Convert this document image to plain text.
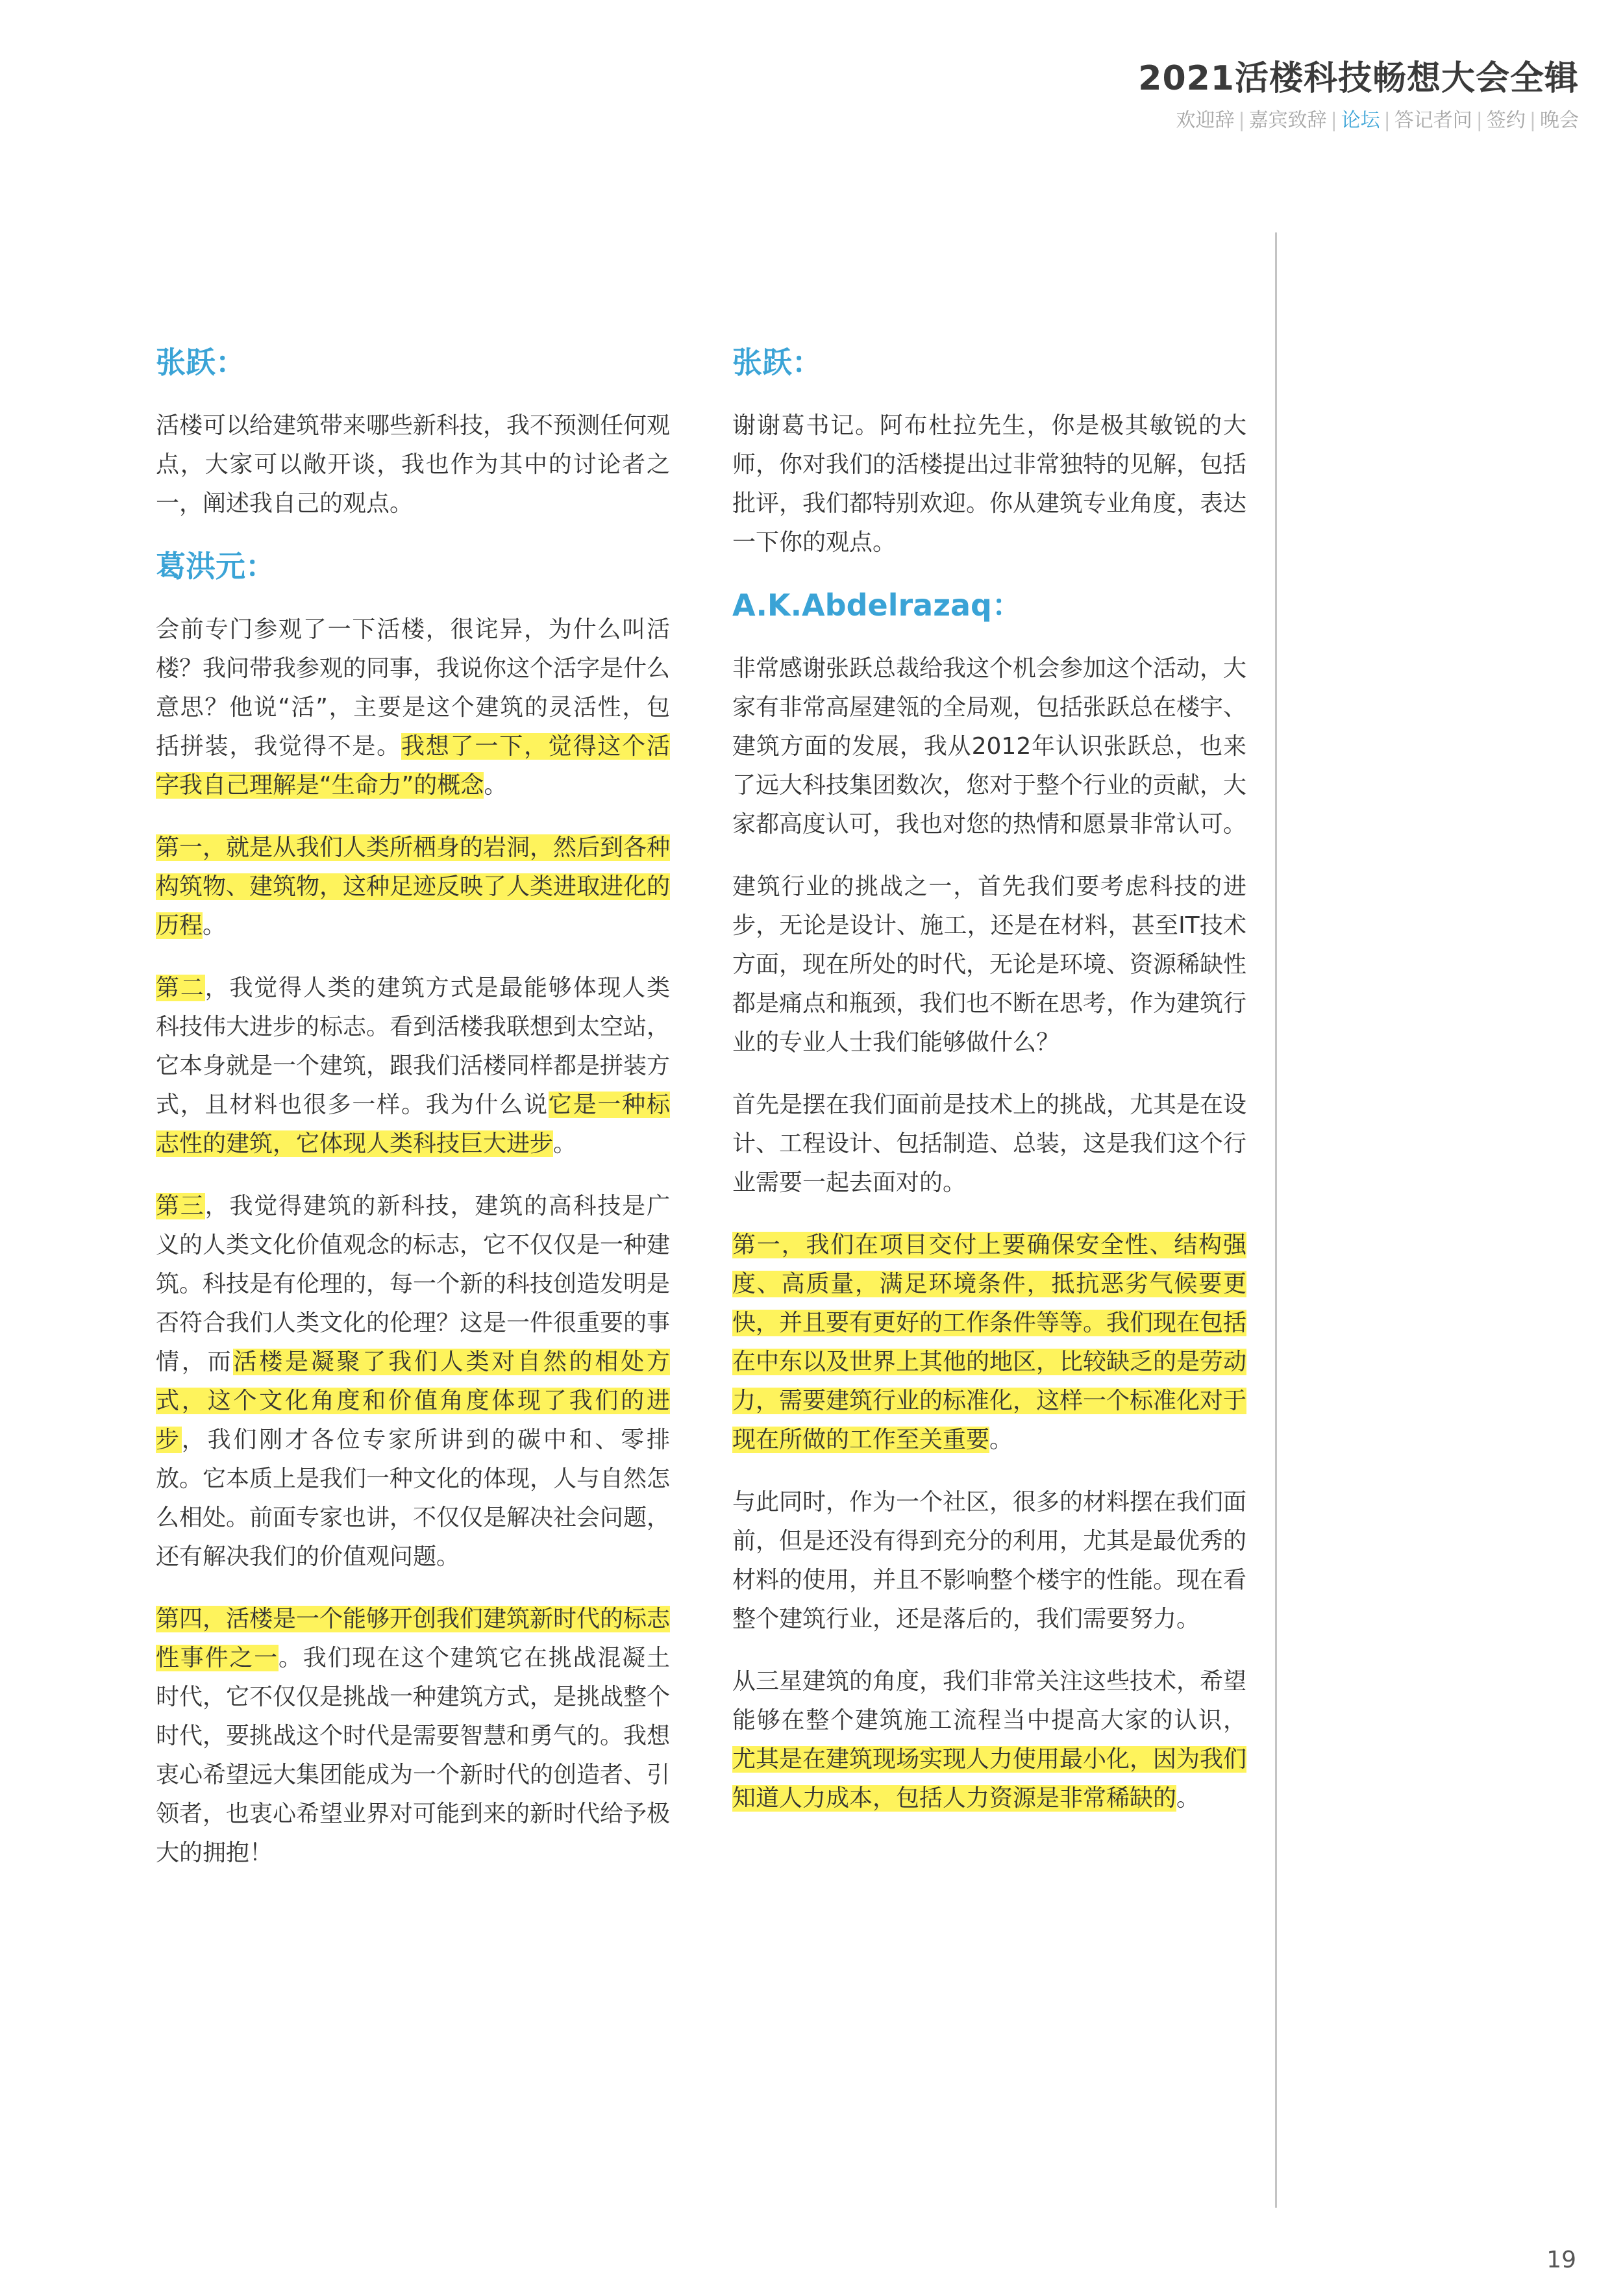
2021活楼科技畅想大会全辑
欢迎辞 | 嘉宾致辞 | 论坛 | 答记者问 | 签约 | 晚会
张跃：

活楼可以给建筑带来哪些新科技，我不预测任何观点，大家可以敞开谈，我也作为其中的讨论者之一，阐述我自己的观点。

葛洪元：

会前专门参观了一下活楼，很诧异，为什么叫活楼？我问带我参观的同事，我说你这个活字是什么意思？他说“活”，主要是这个建筑的灵活性，包括拼装，我觉得不是。我想了一下，觉得这个活字我自己理解是“生命力”的概念。

第一，就是从我们人类所栖身的岩洞，然后到各种构筑物、建筑物，这种足迹反映了人类进取进化的历程。

第二，我觉得人类的建筑方式是最能够体现人类科技伟大进步的标志。看到活楼我联想到太空站，它本身就是一个建筑，跟我们活楼同样都是拼装方式，且材料也很多一样。我为什么说它是一种标志性的建筑，它体现人类科技巨大进步。

第三，我觉得建筑的新科技，建筑的高科技是广义的人类文化价值观念的标志，它不仅仅是一种建筑。科技是有伦理的，每一个新的科技创造发明是否符合我们人类文化的伦理？这是一件很重要的事情，而活楼是凝聚了我们人类对自然的相处方式，这个文化角度和价值角度体现了我们的进步，我们刚才各位专家所讲到的碳中和、零排放。它本质上是我们一种文化的体现，人与自然怎么相处。前面专家也讲，不仅仅是解决社会问题，还有解决我们的价值观问题。

第四，活楼是一个能够开创我们建筑新时代的标志性事件之一。我们现在这个建筑它在挑战混凝土时代，它不仅仅是挑战一种建筑方式，是挑战整个时代，要挑战这个时代是需要智慧和勇气的。我想衷心希望远大集团能成为一个新时代的创造者、引领者，也衷心希望业界对可能到来的新时代给予极大的拥抱！

张跃：

谢谢葛书记。阿布杜拉先生，你是极其敏锐的大师，你对我们的活楼提出过非常独特的见解，包括批评，我们都特别欢迎。你从建筑专业角度，表达一下你的观点。

A.K.Abdelrazaq：

非常感谢张跃总裁给我这个机会参加这个活动，大家有非常高屋建瓴的全局观，包括张跃总在楼宇、建筑方面的发展，我从2012年认识张跃总，也来了远大科技集团数次，您对于整个行业的贡献，大家都高度认可，我也对您的热情和愿景非常认可。

建筑行业的挑战之一，首先我们要考虑科技的进步，无论是设计、施工，还是在材料，甚至IT技术方面，现在所处的时代，无论是环境、资源稀缺性都是痛点和瓶颈，我们也不断在思考，作为建筑行业的专业人士我们能够做什么？

首先是摆在我们面前是技术上的挑战，尤其是在设计、工程设计、包括制造、总装，这是我们这个行业需要一起去面对的。

第一，我们在项目交付上要确保安全性、结构强度、高质量，满足环境条件，抵抗恶劣气候要更快，并且要有更好的工作条件等等。我们现在包括在中东以及世界上其他的地区，比较缺乏的是劳动力，需要建筑行业的标准化，这样一个标准化对于现在所做的工作至关重要。

与此同时，作为一个社区，很多的材料摆在我们面前，但是还没有得到充分的利用，尤其是最优秀的材料的使用，并且不影响整个楼宇的性能。现在看整个建筑行业，还是落后的，我们需要努力。

从三星建筑的角度，我们非常关注这些技术，希望能够在整个建筑施工流程当中提高大家的认识，尤其是在建筑现场实现人力使用最小化，因为我们知道人力成本，包括人力资源是非常稀缺的。

19
